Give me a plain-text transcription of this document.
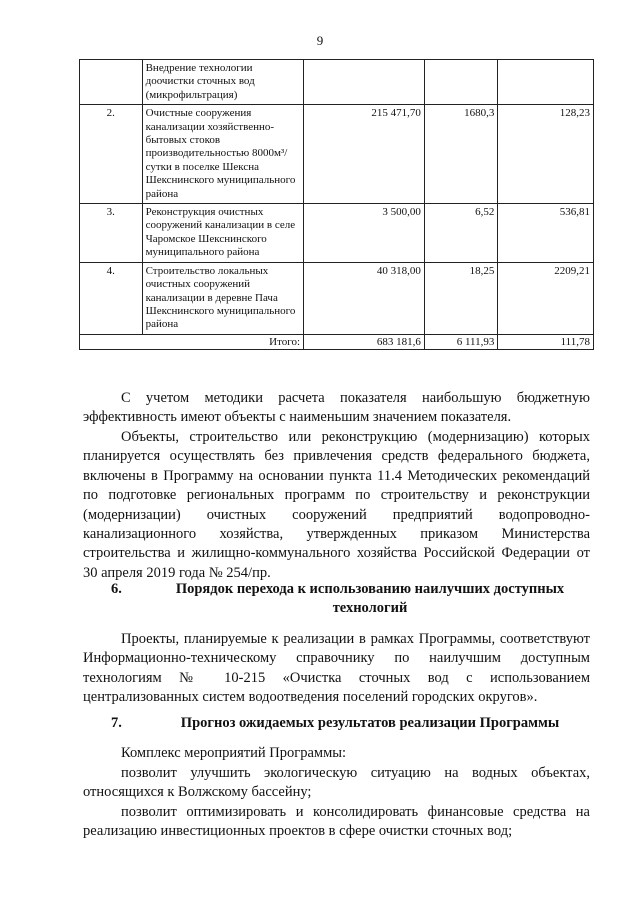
9
	Внедрение технологии доочистки сточных вод (микрофильтрация)			
2.	Очистные сооружения канализации хозяйственно-бытовых стоков производительностью 8000м³/сутки в поселке Шексна Шекснинского муниципального района	215 471,70	1680,3	128,23
3.	Реконструкция очистных сооружений канализации в селе Чаромское Шекснинского муниципального района	3 500,00	6,52	536,81
4.	Строительство локальных очистных сооружений канализации в деревне Пача Шекснинского муниципального района	40 318,00	18,25	2209,21
	Итого:	683 181,6	6 111,93	111,78
С учетом методики расчета показателя наибольшую бюджетную эффективность имеют объекты с наименьшим значением показателя.
Объекты, строительство или реконструкцию (модернизацию) которых планируется осуществлять без привлечения средств федерального бюджета, включены в Программу на основании пункта 11.4 Методических рекомендаций по подготовке региональных программ по строительству и реконструкции (модернизации) очистных сооружений предприятий водопроводно-канализационного хозяйства, утвержденных приказом Министерства строительства и жилищно-коммунального хозяйства Российской Федерации от 30 апреля 2019 года № 254/пр.
6.	Порядок перехода к использованию наилучших доступных технологий
Проекты, планируемые к реализации в рамках Программы, соответствуют Информационно-техническому справочнику по наилучшим доступным технологиям № 10-215 «Очистка сточных вод с использованием централизованных систем водоотведения поселений городских округов».
7.	Прогноз ожидаемых результатов реализации Программы
Комплекс мероприятий Программы:
позволит улучшить экологическую ситуацию на водных объектах, относящихся к Волжскому бассейну;
позволит оптимизировать и консолидировать финансовые средства на реализацию инвестиционных проектов в сфере очистки сточных вод;
